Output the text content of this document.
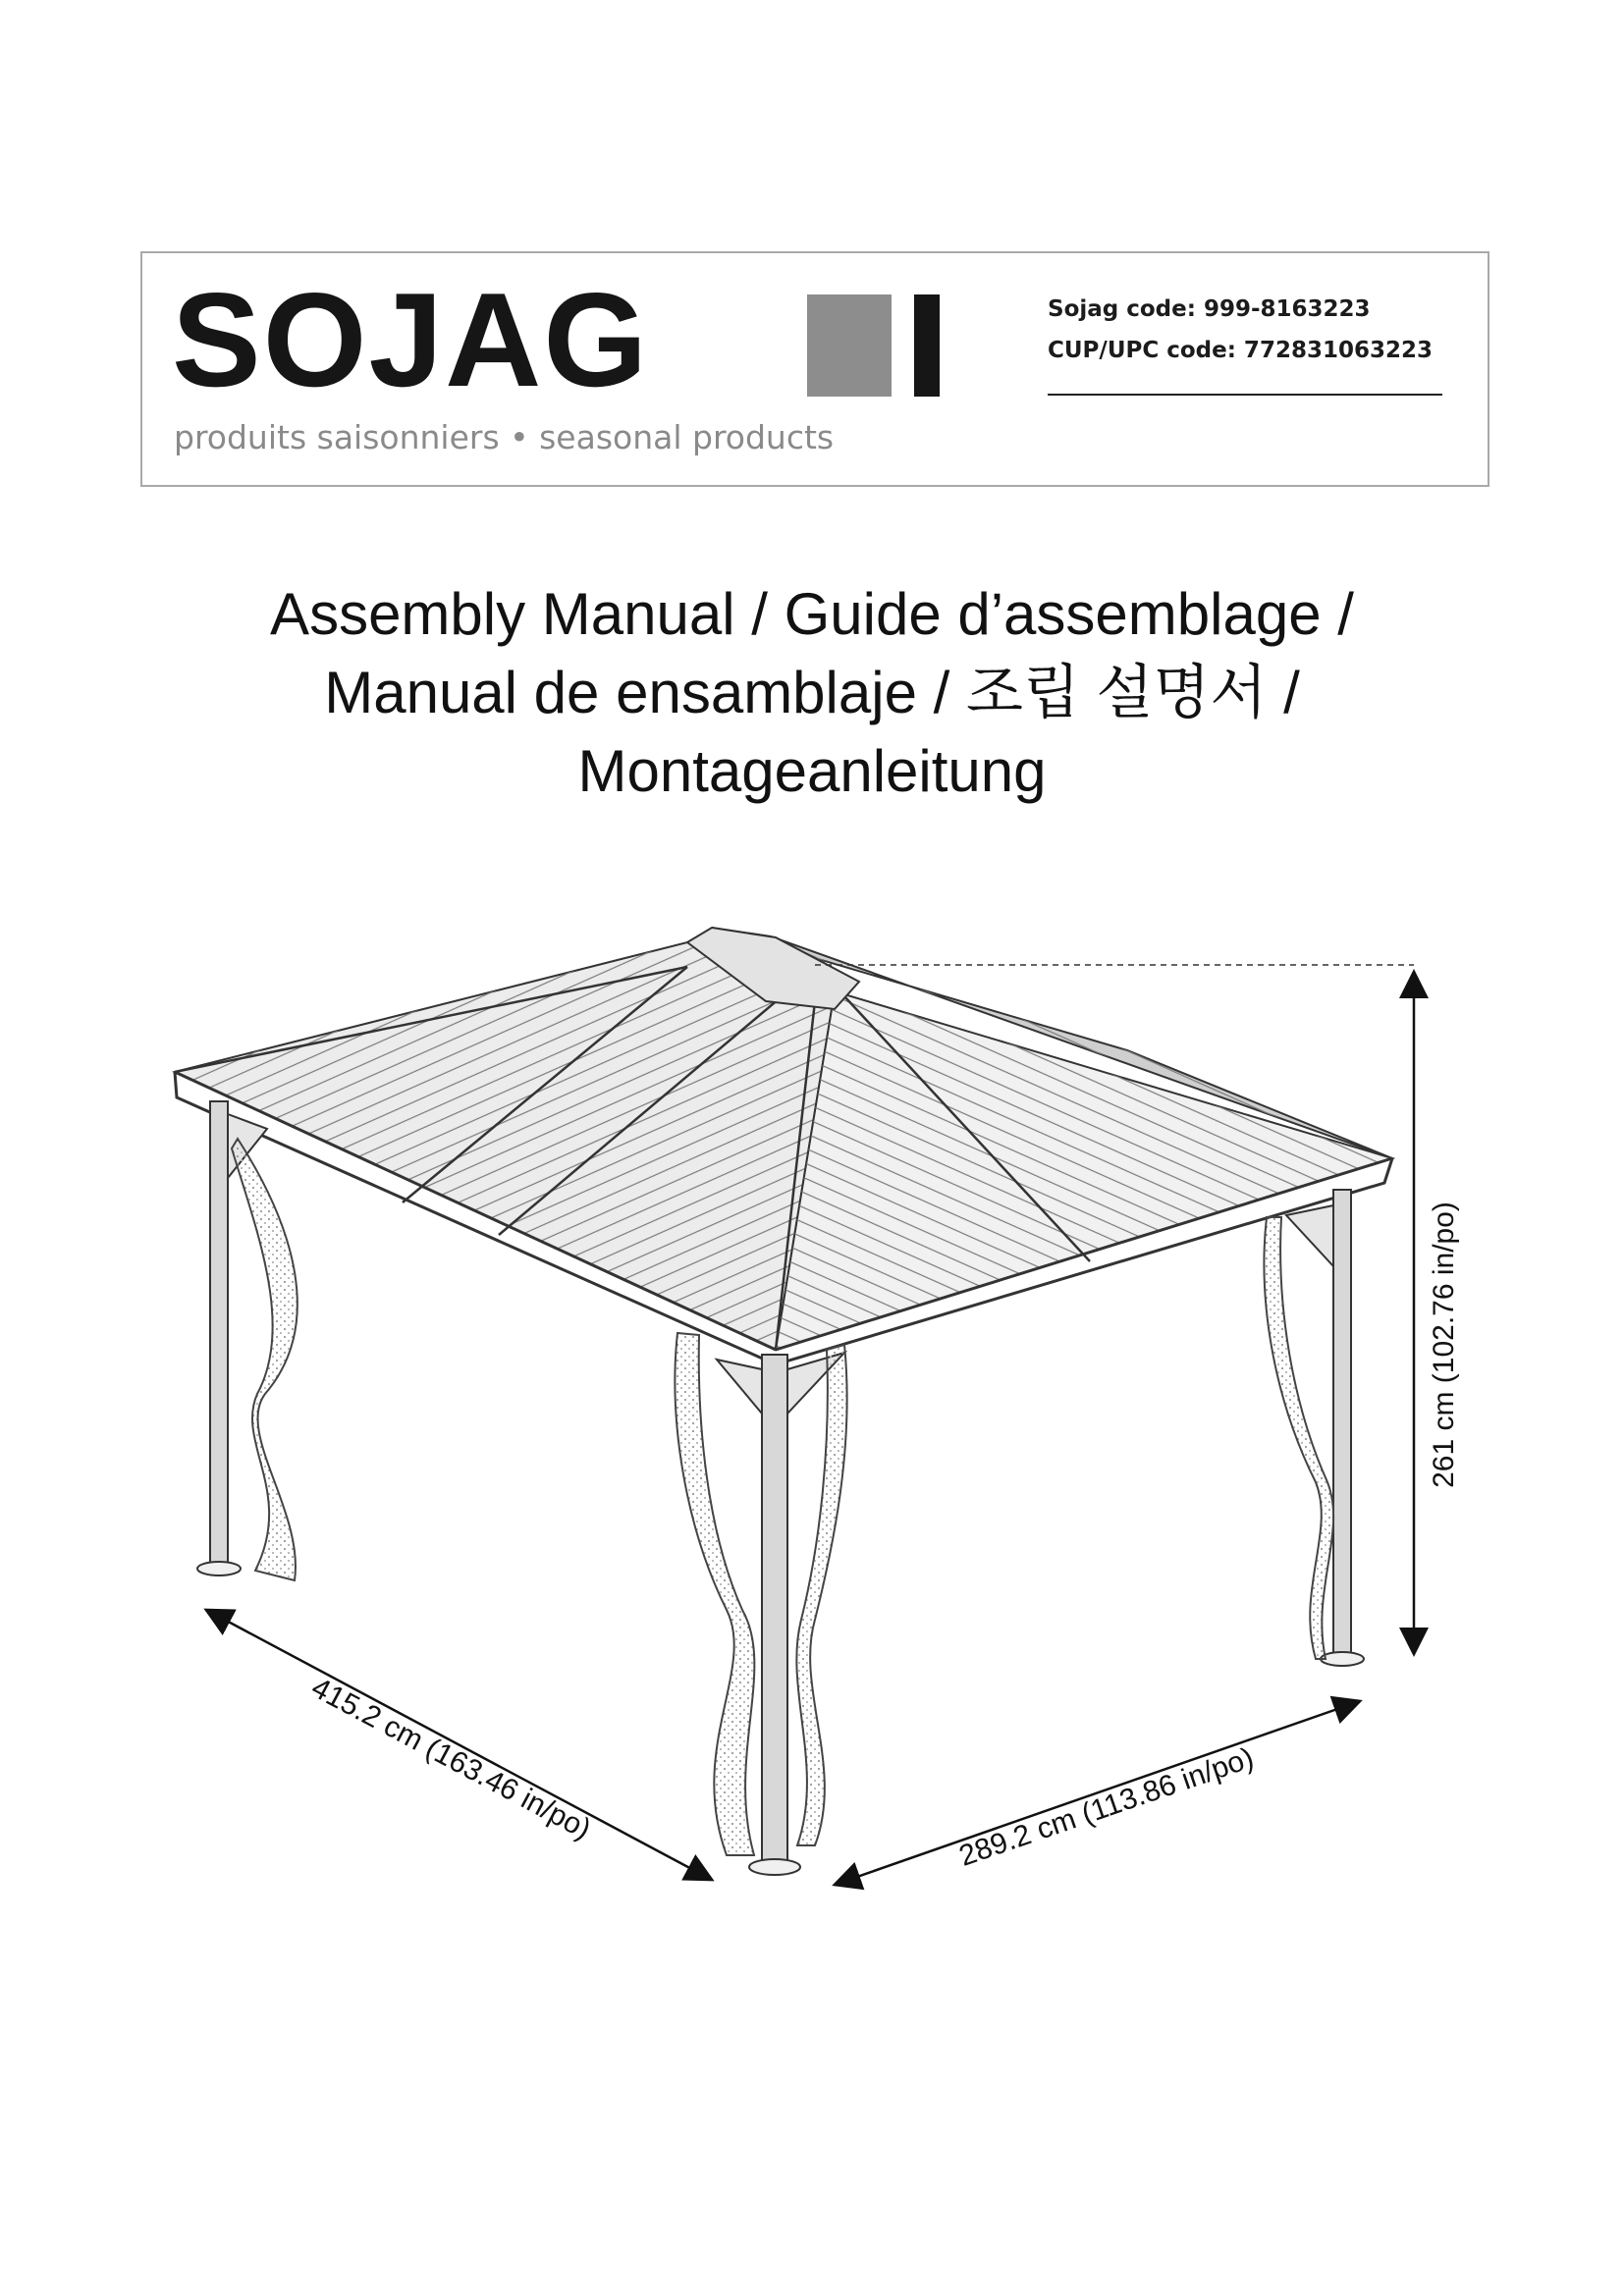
SOJAG
produits saisonniers • seasonal products
Sojag code: 999-8163223
CUP/UPC code: 772831063223
Assembly Manual / Guide d’assemblage /
Manual de ensamblaje / 조립 설명서 /
Montageanleitung
261 cm (102.76 in/po)
415.2 cm (163.46 in/po)	289.2 cm (113.86 in/po)
